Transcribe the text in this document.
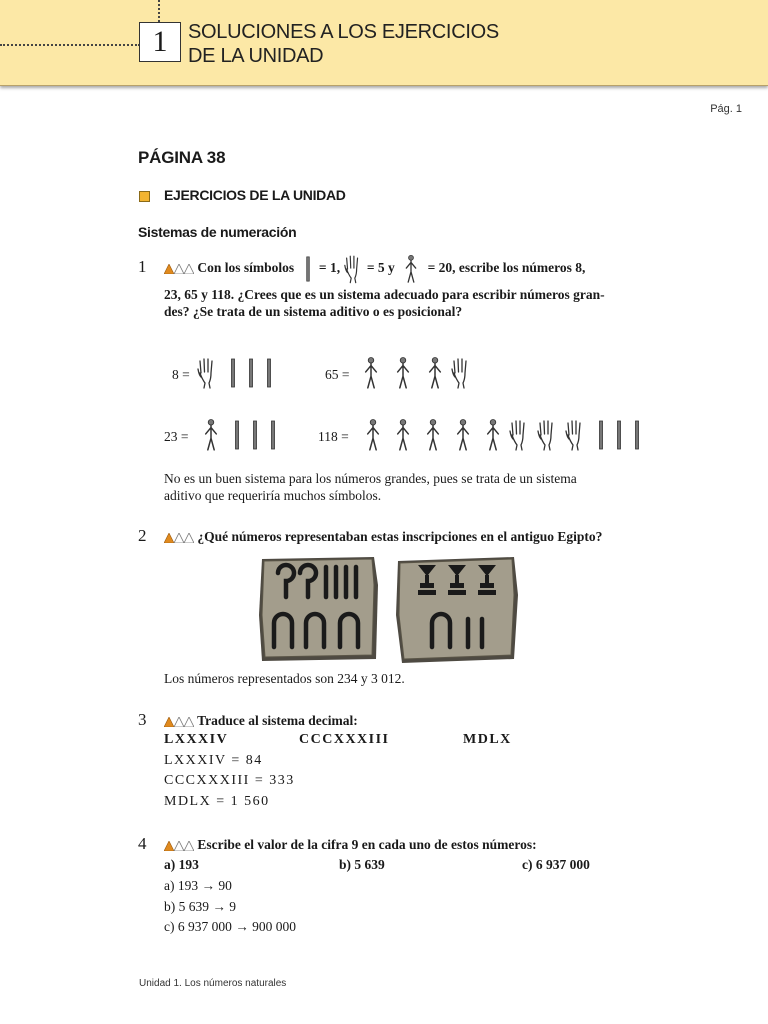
1	SOLUCIONES A LOS EJERCICIOS
DE LA UNIDAD
Pág. 1
PÁGINA 38
EJERCICIOS DE LA UNIDAD
Sistemas de numeración
1	Con los símbolos = 1, = 5 y = 20, escribe los números 8,
23, 65 y 118. ¿Crees que es un sistema adecuado para escribir números gran-
des? ¿Se trata de un sistema aditivo o es posicional?
8 =
	65 =

23 =
	118 =

No es un buen sistema para los números grandes, pues se trata de un sistema
aditivo que requeriría muchos símbolos.
2	¿Qué números representaban estas inscripciones en el antiguo Egipto?
Los números representados son 234 y 3 012.
3	Traduce al sistema decimal:
LXXXIV	CCCXXXIII	MDLX
LXXXIV = 84
CCCXXXIII = 333
MDLX = 1 560
4	Escribe el valor de la cifra 9 en cada uno de estos números:
a) 193	b) 5 639	c) 6 937 000
a) 193 → 90
b) 5 639 → 9
c) 6 937 000 → 900 000
Unidad 1. Los números naturales
